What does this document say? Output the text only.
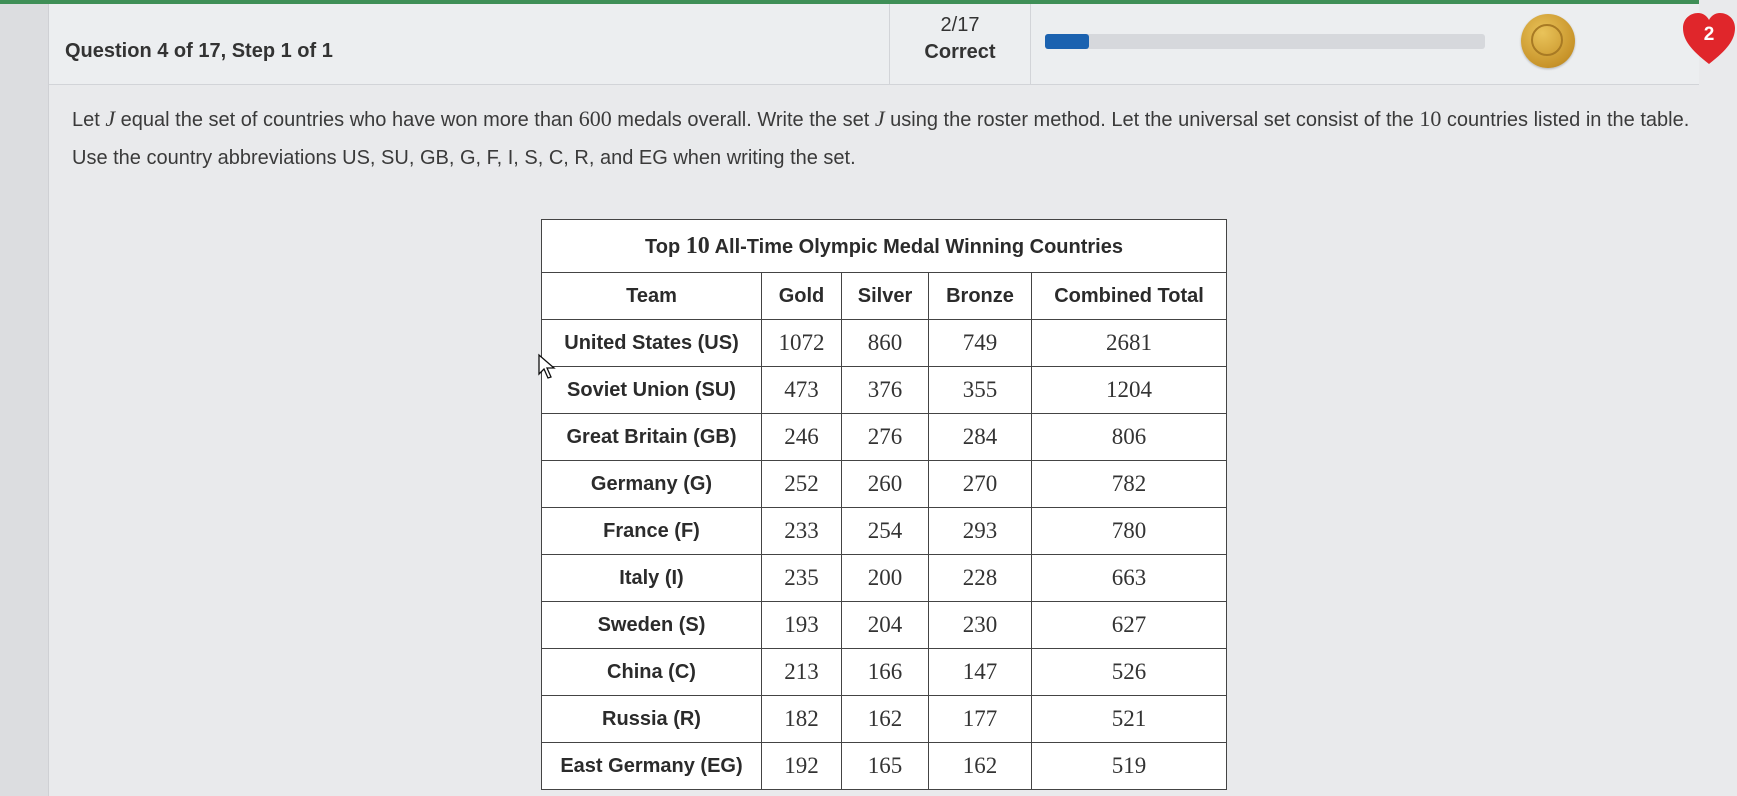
Question 4 of 17, Step 1 of 1
2/17
Correct
2
Let J equal the set of countries who have won more than 600 medals overall. Write the set J using the roster method. Let the universal set consist of the 10 countries listed in the table. Use the country abbreviations US, SU, GB, G, F, I, S, C, R, and EG when writing the set.
Top 10 All-Time Olympic Medal Winning Countries				
Team	Gold	Silver	Bronze	Combined Total
United States (US)	1072	860	749	2681
Soviet Union (SU)	473	376	355	1204
Great Britain (GB)	246	276	284	806
Germany (G)	252	260	270	782
France (F)	233	254	293	780
Italy (I)	235	200	228	663
Sweden (S)	193	204	230	627
China (C)	213	166	147	526
Russia (R)	182	162	177	521
East Germany (EG)	192	165	162	519
